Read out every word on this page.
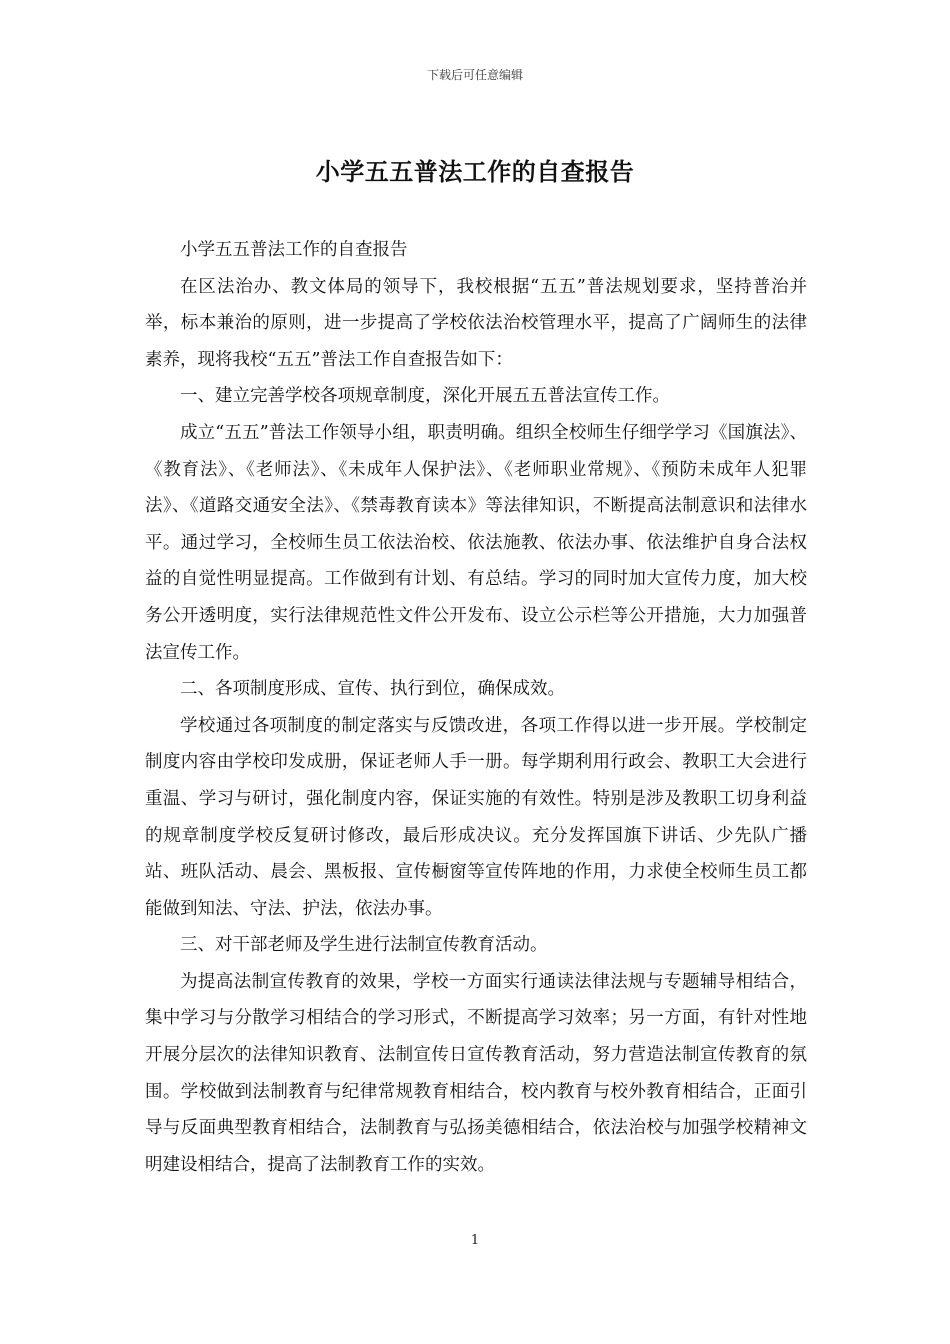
下载后可任意编辑
小学五五普法工作的自查报告

小学五五普法工作的自查报告

在区法治办、教文体局的领导下，我校根据“五五”普法规划要求，坚持普治并举，标本兼治的原则，进一步提高了学校依法治校管理水平，提高了广阔师生的法律素养，现将我校“五五”普法工作自查报告如下：

一、建立完善学校各项规章制度，深化开展五五普法宣传工作。

成立“五五”普法工作领导小组，职责明确。组织全校师生仔细学学习《国旗法》、《教育法》、《老师法》、《未成年人保护法》、《老师职业常规》、《预防未成年人犯罪法》、《道路交通安全法》、《禁毒教育读本》等法律知识，不断提高法制意识和法律水平。通过学习，全校师生员工依法治校、依法施教、依法办事、依法维护自身合法权益的自觉性明显提高。工作做到有计划、有总结。学习的同时加大宣传力度，加大校务公开透明度，实行法律规范性文件公开发布、设立公示栏等公开措施，大力加强普法宣传工作。

二、各项制度形成、宣传、执行到位，确保成效。

学校通过各项制度的制定落实与反馈改进，各项工作得以进一步开展。学校制定制度内容由学校印发成册，保证老师人手一册。每学期利用行政会、教职工大会进行重温、学习与研讨，强化制度内容，保证实施的有效性。特别是涉及教职工切身利益的规章制度学校反复研讨修改，最后形成决议。充分发挥国旗下讲话、少先队广播站、班队活动、晨会、黑板报、宣传橱窗等宣传阵地的作用，力求使全校师生员工都能做到知法、守法、护法，依法办事。

三、对干部老师及学生进行法制宣传教育活动。

为提高法制宣传教育的效果，学校一方面实行通读法律法规与专题辅导相结合，集中学习与分散学习相结合的学习形式，不断提高学习效率；另一方面，有针对性地开展分层次的法律知识教育、法制宣传日宣传教育活动，努力营造法制宣传教育的氛围。学校做到法制教育与纪律常规教育相结合，校内教育与校外教育相结合，正面引导与反面典型教育相结合，法制教育与弘扬美德相结合，依法治校与加强学校精神文明建设相结合，提高了法制教育工作的实效。

1
